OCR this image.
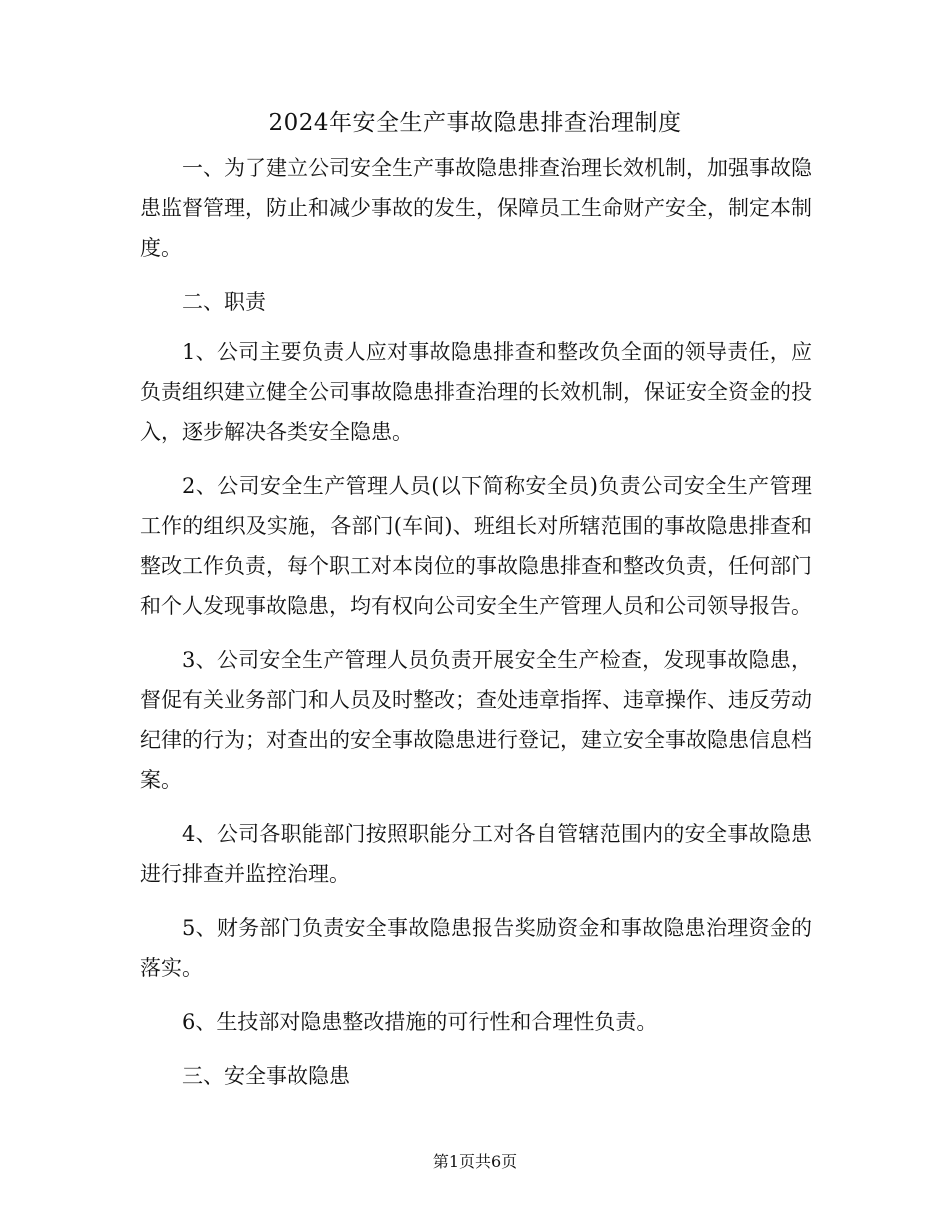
2024年安全生产事故隐患排查治理制度

一、为了建立公司安全生产事故隐患排查治理长效机制，加强事故隐患监督管理，防止和减少事故的发生，保障员工生命财产安全，制定本制度。

二、职责

1、公司主要负责人应对事故隐患排查和整改负全面的领导责任，应负责组织建立健全公司事故隐患排查治理的长效机制，保证安全资金的投入，逐步解决各类安全隐患。

2、公司安全生产管理人员(以下简称安全员)负责公司安全生产管理工作的组织及实施，各部门(车间)、班组长对所辖范围的事故隐患排查和整改工作负责，每个职工对本岗位的事故隐患排查和整改负责，任何部门和个人发现事故隐患，均有权向公司安全生产管理人员和公司领导报告。

3、公司安全生产管理人员负责开展安全生产检查，发现事故隐患，督促有关业务部门和人员及时整改；查处违章指挥、违章操作、违反劳动纪律的行为；对查出的安全事故隐患进行登记，建立安全事故隐患信息档案。

4、公司各职能部门按照职能分工对各自管辖范围内的安全事故隐患进行排查并监控治理。

5、财务部门负责安全事故隐患报告奖励资金和事故隐患治理资金的落实。

6、生技部对隐患整改措施的可行性和合理性负责。

三、安全事故隐患

第1页共6页
